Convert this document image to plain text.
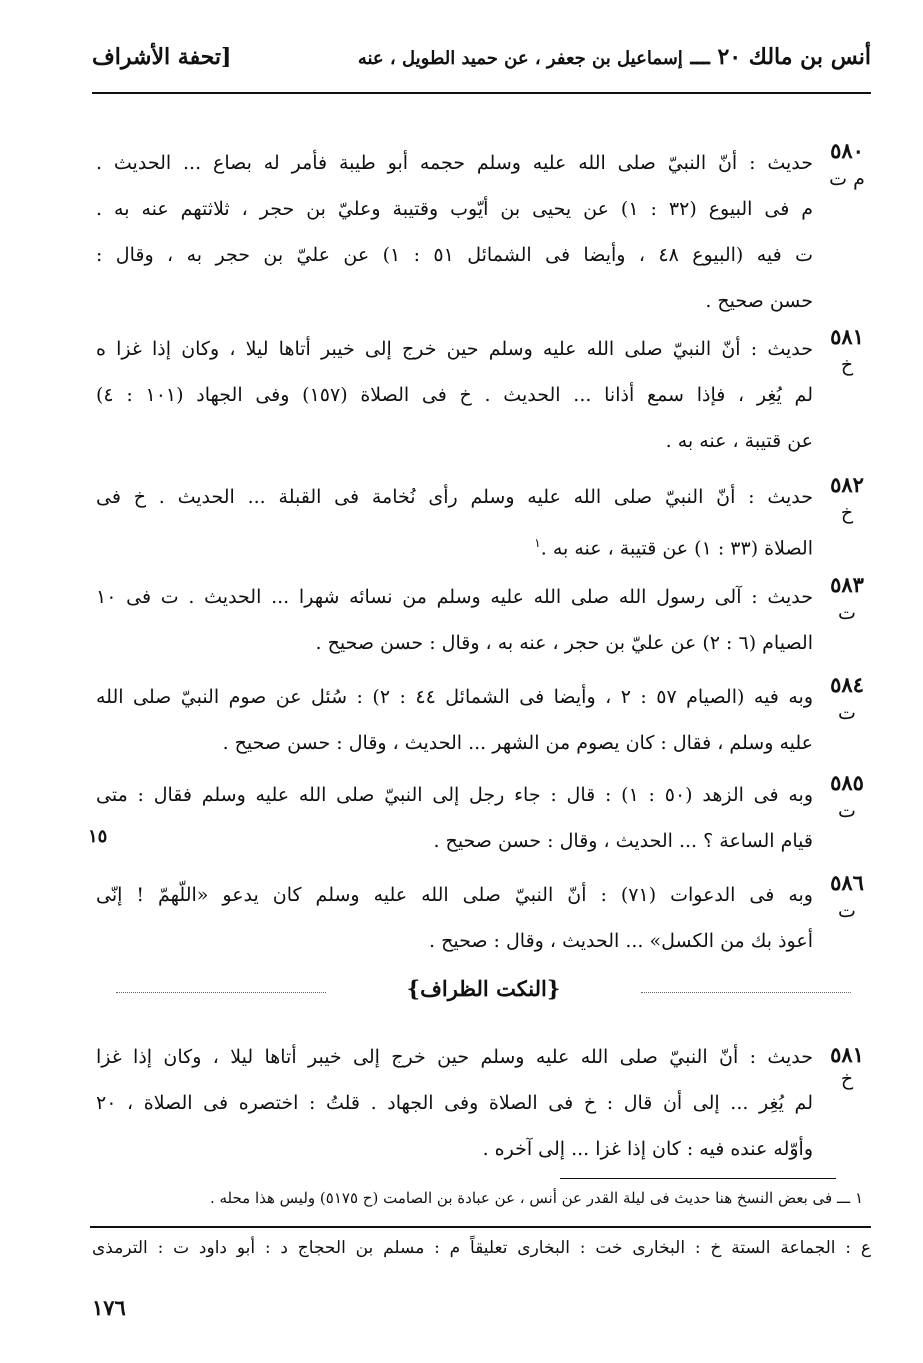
أنس بن مالك ٢٠ ـــ إسماعيل بن جعفر ، عن حميد الطويل ، عنه
[تحفة الأشراف
٥٨٠
م ت
حديث : أنّ النبيّ صلى الله عليه وسلم حجمه أبو طيبة فأمر له بصاع ... الحديث .
م فى البيوع (٣٢ : ١) عن يحيى بن أيّوب وقتيبة وعليّ بن حجر ، ثلاثتهم عنه به .
ت فيه (البيوع ٤٨ ، وأيضا فى الشمائل ٥١ : ١) عن عليّ بن حجر به ، وقال :
حسن صحيح .
٥٨١
خ
حديث : أنّ النبيّ صلى الله عليه وسلم حين خرج إلى خيبر أتاها ليلا ، وكان إذا غزا ه
لم يُغِر ، فإذا سمع أذانا ... الحديث . خ فى الصلاة (١٥٧) وفى الجهاد (١٠١ : ٤)
عن قتيبة ، عنه به .
٥٨٢
خ
حديث : أنّ النبيّ صلى الله عليه وسلم رأى نُخامة فى القبلة ... الحديث . خ فى
الصلاة (٣٣ : ١) عن قتيبة ، عنه به .$^١$
٥٨٣
ت
حديث : آلى رسول الله صلى الله عليه وسلم من نسائه شهرا ... الحديث . ت فى ١٠
الصيام (٦ : ٢) عن عليّ بن حجر ، عنه به ، وقال : حسن صحيح .
٥٨٤
ت
وبه فيه (الصيام ٥٧ : ٢ ، وأيضا فى الشمائل ٤٤ : ٢) : سُئل عن صوم النبيّ صلى الله
عليه وسلم ، فقال : كان يصوم من الشهر ... الحديث ، وقال : حسن صحيح .
٥٨٥
ت
وبه فى الزهد (٥٠ : ١) : قال : جاء رجل إلى النبيّ صلى الله عليه وسلم فقال : متى
قيام الساعة ؟ ... الحديث ، وقال : حسن صحيح .
١٥
٥٨٦
ت
وبه فى الدعوات (٧١) : أنّ النبيّ صلى الله عليه وسلم كان يدعو «اللّهمّ ! إنّى
أعوذ بك من الكسل» ... الحديث ، وقال : صحيح .
{النكت الظراف}
٥٨١
خ
حديث : أنّ النبيّ صلى الله عليه وسلم حين خرج إلى خيبر أتاها ليلا ، وكان إذا غزا
لم يُغِر ... إلى أن قال : خ فى الصلاة وفى الجهاد . قلتُ : اختصره فى الصلاة ، ٢٠
وأوّله عنده فيه : كان إذا غزا ... إلى آخره .
١ ـــ فى بعض النسخ هنا حديث فى ليلة القدر عن أنس ، عن عبادة بن الصامت (ح ٥١٧٥) وليس هذا محله .
ع : الجماعة الستة خ : البخارى خت : البخارى تعليقاً م : مسلم بن الحجاج د : أبو داود ت : الترمذى
١٧٦
